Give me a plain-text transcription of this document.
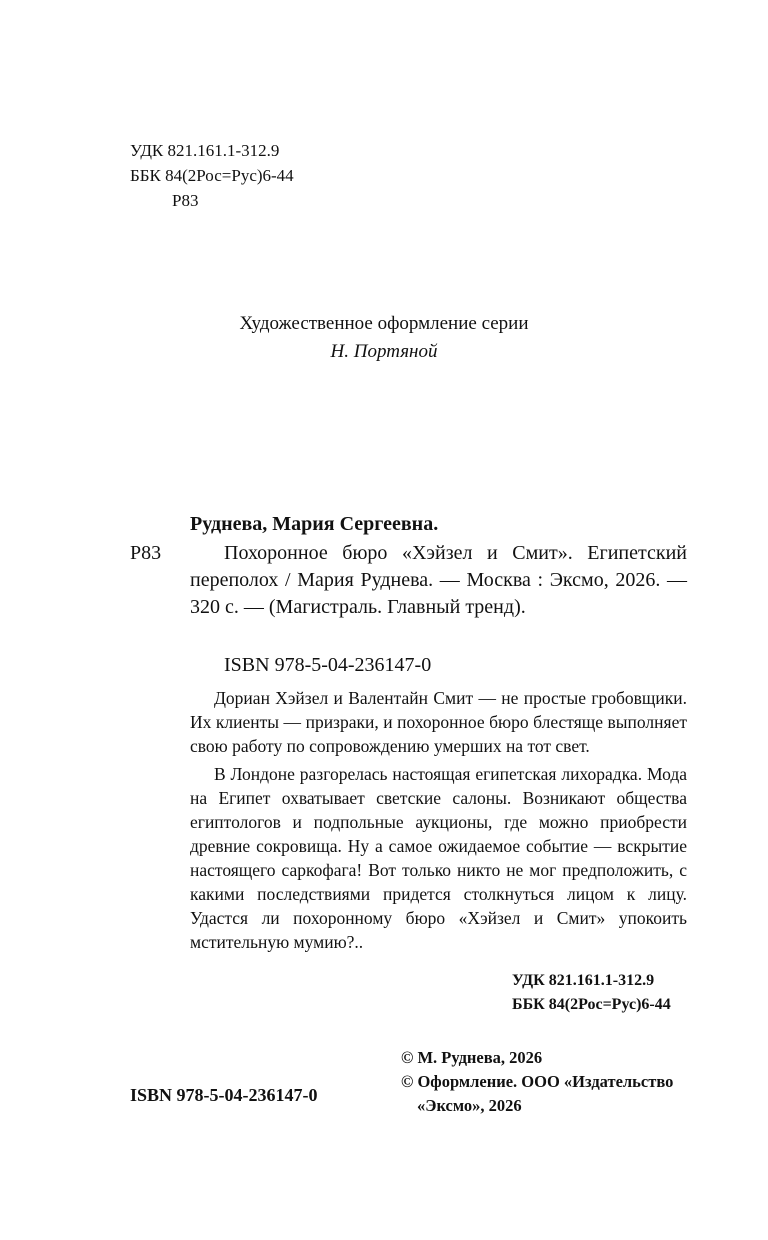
УДК 821.161.1-312.9
ББК 84(2Рос=Рус)6-44
Р83
Художественное оформление серии
Н. Портяной
Руднева, Мария Сергеевна.
Р83	Похоронное бюро «Хэйзел и Смит». Египетский переполох / Мария Руднева. — Москва : Эксмо, 2026. — 320 с. — (Магистраль. Главный тренд).
ISBN 978-5-04-236147-0

Дориан Хэйзел и Валентайн Смит — не простые гробовщики. Их клиенты — призраки, и похоронное бюро блестяще выполняет свою работу по сопровождению умерших на тот свет.

В Лондоне разгорелась настоящая египетская лихорадка. Мода на Египет охватывает светские салоны. Возникают общества египтологов и подпольные аукционы, где можно приобрести древние сокровища. Ну а самое ожидаемое событие — вскрытие настоящего саркофага! Вот только никто не мог предположить, с какими последствиями придется столкнуться лицом к лицу. Удастся ли похоронному бюро «Хэйзел и Смит» упокоить мстительную мумию?..

УДК 821.161.1-312.9
ББК 84(2Рос=Рус)6-44
© М. Руднева, 2026
© Оформление. ООО «Издательство
«Эксмо», 2026
ISBN 978-5-04-236147-0
